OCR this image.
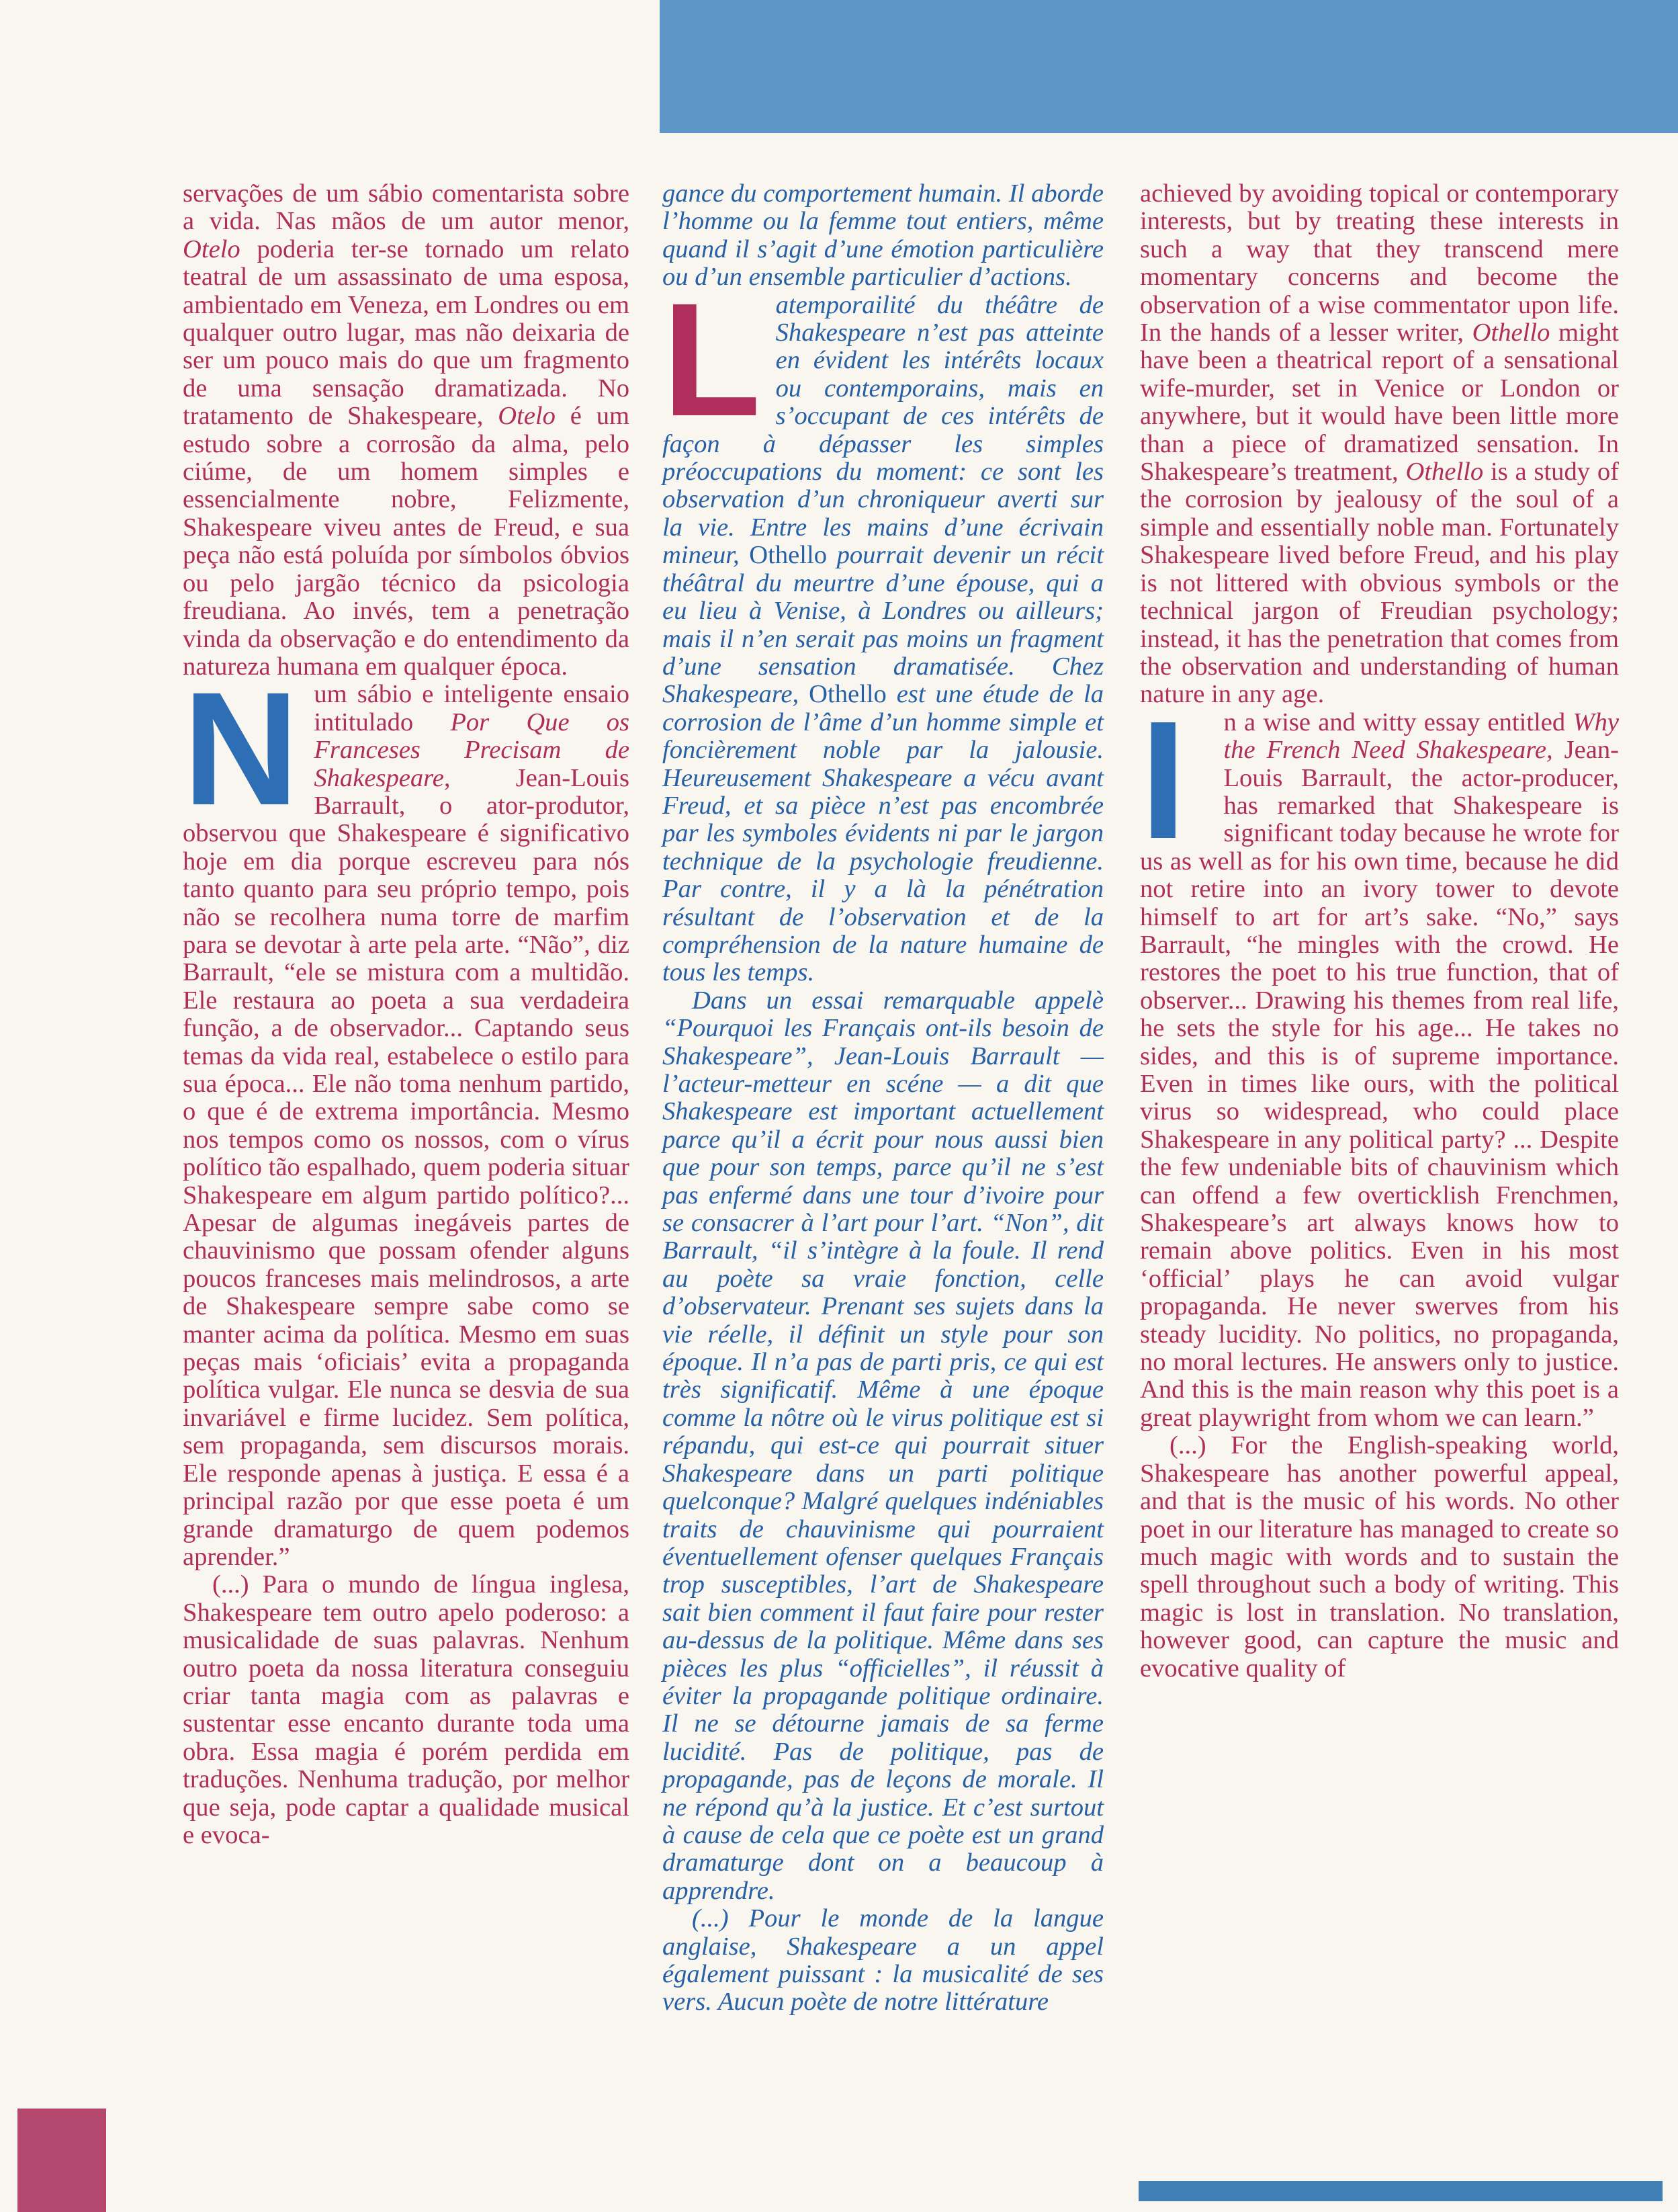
servações de um sábio comentarista sobre a vida. Nas mãos de um autor menor, Otelo poderia ter-se tornado um relato teatral de um assassinato de uma esposa, ambientado em Veneza, em Londres ou em qualquer outro lugar, mas não deixaria de ser um pouco mais do que um fragmento de uma sensação dramatizada. No tratamento de Shakespeare, Otelo é um estudo sobre a corrosão da alma, pelo ciúme, de um homem simples e essencialmente nobre, Felizmente, Shakespeare viveu antes de Freud, e sua peça não está poluída por símbolos óbvios ou pelo jargão técnico da psicologia freudiana. Ao invés, tem a penetração vinda da observação e do entendimento da natureza humana em qualquer época.

Num sábio e inteligente ensaio intitulado Por Que os Franceses Precisam de Shakespeare, Jean-Louis Barrault, o ator-produtor, observou que Shakespeare é significativo hoje em dia porque escreveu para nós tanto quanto para seu próprio tempo, pois não se recolhera numa torre de marfim para se devotar à arte pela arte. “Não”, diz Barrault, “ele se mistura com a multidão. Ele restaura ao poeta a sua verdadeira função, a de observador... Captando seus temas da vida real, estabelece o estilo para sua época... Ele não toma nenhum partido, o que é de extrema importância. Mesmo nos tempos como os nossos, com o vírus político tão espalhado, quem poderia situar Shakespeare em algum partido político?... Apesar de algumas inegáveis partes de chauvinismo que possam ofender alguns poucos franceses mais melindrosos, a arte de Shakespeare sempre sabe como se manter acima da política. Mesmo em suas peças mais ‘oficiais’ evita a propaganda política vulgar. Ele nunca se desvia de sua invariável e firme lucidez. Sem política, sem propaganda, sem discursos morais. Ele responde apenas à justiça. E essa é a principal razão por que esse poeta é um grande dramaturgo de quem podemos aprender.”

(...) Para o mundo de língua inglesa, Shakespeare tem outro apelo poderoso: a musicalidade de suas palavras. Nenhum outro poeta da nossa literatura conseguiu criar tanta magia com as palavras e sustentar esse encanto durante toda uma obra. Essa magia é porém perdida em traduções. Nenhuma tradução, por melhor que seja, pode captar a qualidade musical e evoca-

gance du comportement humain. Il aborde l’homme ou la femme tout entiers, même quand il s’agit d’une émotion particulière ou d’un ensemble particulier d’actions.

Latemporailité du théâtre de Shakespeare n’est pas atteinte en évident les intérêts locaux ou contemporains, mais en s’occupant de ces intérêts de façon à dépasser les simples préoccupations du moment: ce sont les observation d’un chroniqueur averti sur la vie. Entre les mains d’une écrivain mineur, Othello pourrait devenir un récit théâtral du meurtre d’une épouse, qui a eu lieu à Venise, à Londres ou ailleurs; mais il n’en serait pas moins un fragment d’une sensation dramatisée. Chez Shakespeare, Othello est une étude de la corrosion de l’âme d’un homme simple et foncièrement noble par la jalousie. Heureusement Shakespeare a vécu avant Freud, et sa pièce n’est pas encombrée par les symboles évidents ni par le jargon technique de la psychologie freudienne. Par contre, il y a là la pénétration résultant de l’observation et de la compréhension de la nature humaine de tous les temps.

Dans un essai remarquable appelè “Pourquoi les Français ont-ils besoin de Shakespeare”, Jean-Louis Barrault — l’acteur-metteur en scéne — a dit que Shakespeare est important actuellement parce qu’il a écrit pour nous aussi bien que pour son temps, parce qu’il ne s’est pas enfermé dans une tour d’ivoire pour se consacrer à l’art pour l’art. “Non”, dit Barrault, “il s’intègre à la foule. Il rend au poète sa vraie fonction, celle d’observateur. Prenant ses sujets dans la vie réelle, il définit un style pour son époque. Il n’a pas de parti pris, ce qui est très significatif. Même à une époque comme la nôtre où le virus politique est si répandu, qui est-ce qui pourrait situer Shakespeare dans un parti politique quelconque? Malgré quelques indéniables traits de chauvinisme qui pourraient éventuellement ofenser quelques Français trop susceptibles, l’art de Shakespeare sait bien comment il faut faire pour rester au-dessus de la politique. Même dans ses pièces les plus “officielles”, il réussit à éviter la propagande politique ordinaire. Il ne se détourne jamais de sa ferme lucidité. Pas de politique, pas de propagande, pas de leçons de morale. Il ne répond qu’à la justice. Et c’est surtout à cause de cela que ce poète est un grand dramaturge dont on a beaucoup à apprendre.

(...) Pour le monde de la langue anglaise, Shakespeare a un appel également puissant : la musicalité de ses vers. Aucun poète de notre littérature

achieved by avoiding topical or contemporary interests, but by treating these interests in such a way that they transcend mere momentary concerns and become the observation of a wise commentator upon life. In the hands of a lesser writer, Othello might have been a theatrical report of a sensational wife-murder, set in Venice or London or anywhere, but it would have been little more than a piece of dramatized sensation. In Shakespeare’s treatment, Othello is a study of the corrosion by jealousy of the soul of a simple and essentially noble man. Fortunately Shakespeare lived before Freud, and his play is not littered with obvious symbols or the technical jargon of Freudian psychology; instead, it has the penetration that comes from the observation and understanding of human nature in any age.

I n a wise and witty essay entitled Why the French Need Shakespeare, Jean-Louis Barrault, the actor-producer, has remarked that Shakespeare is significant today because he wrote for us as well as for his own time, because he did not retire into an ivory tower to devote himself to art for art’s sake. “No,” says Barrault, “he mingles with the crowd. He restores the poet to his true function, that of observer... Drawing his themes from real life, he sets the style for his age... He takes no sides, and this is of supreme importance. Even in times like ours, with the political virus so widespread, who could place Shakespeare in any political party? ... Despite the few undeniable bits of chauvinism which can offend a few overticklish Frenchmen, Shakespeare’s art always knows how to remain above politics. Even in his most ‘official’ plays he can avoid vulgar propaganda. He never swerves from his steady lucidity. No politics, no propaganda, no moral lectures. He answers only to justice. And this is the main reason why this poet is a great playwright from whom we can learn.”

(...) For the English-speaking world, Shakespeare has another powerful appeal, and that is the music of his words. No other poet in our literature has managed to create so much magic with words and to sustain the spell throughout such a body of writing. This magic is lost in translation. No translation, however good, can capture the music and evocative quality of
